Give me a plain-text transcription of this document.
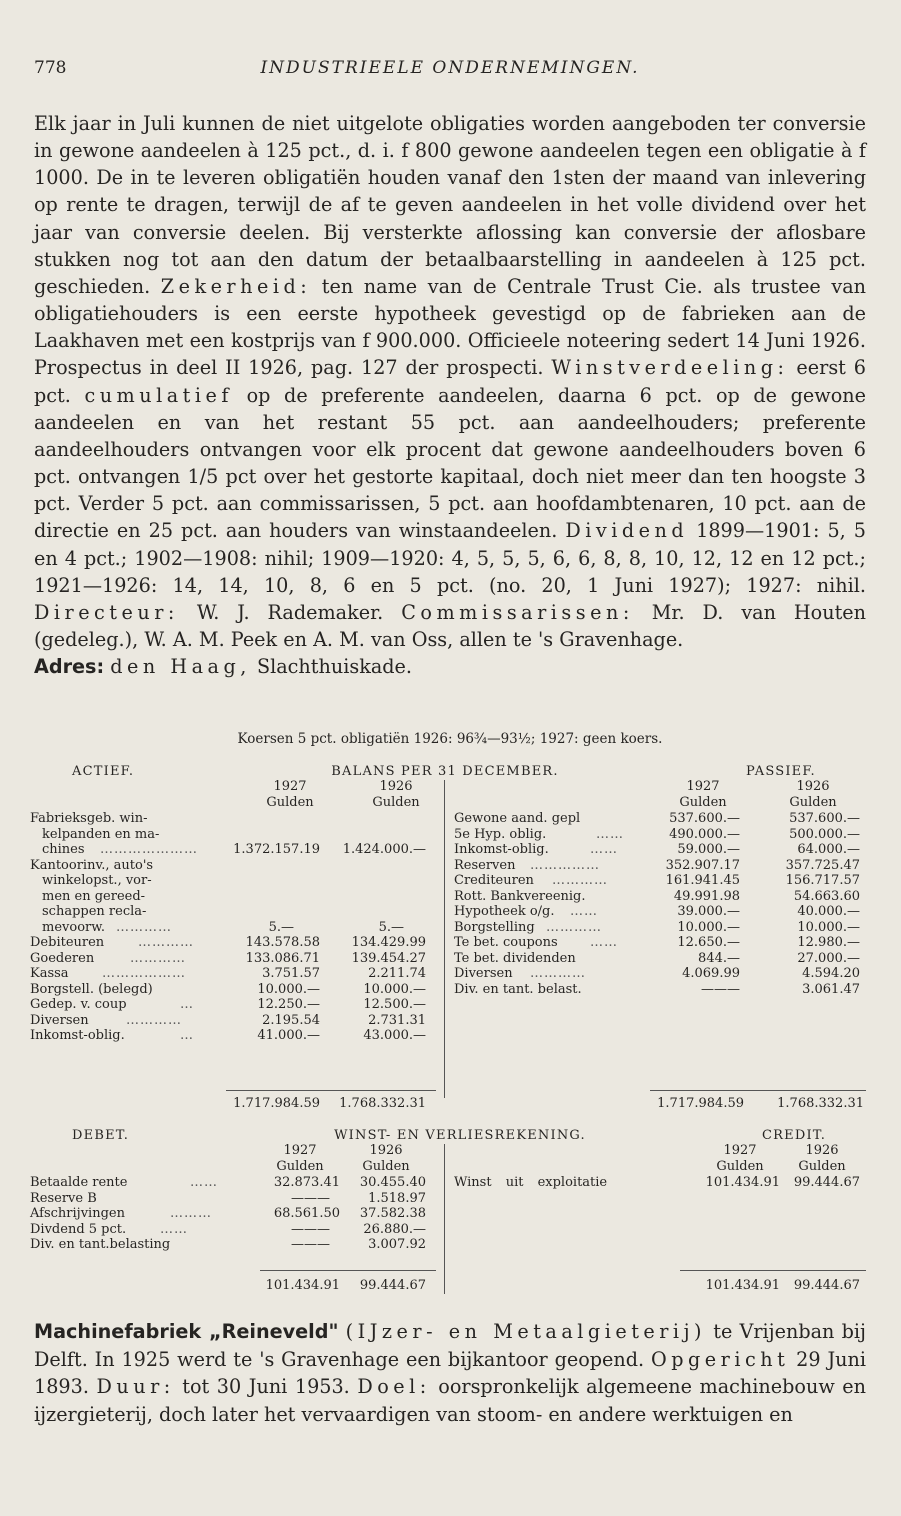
778	INDUSTRIEELE ONDERNEMINGEN.
Elk jaar in Juli kunnen de niet uitgelote obligaties worden aangeboden ter conversie in gewone aandeelen à 125 pct., d. i. f 800 gewone aandeelen tegen een obligatie à f 1000. De in te leveren obligatiën houden vanaf den 1sten der maand van inlevering op rente te dragen, terwijl de af te geven aandeelen in het volle dividend over het jaar van conversie deelen. Bij versterkte aflossing kan conversie der aflosbare stukken nog tot aan den datum der betaalbaarstelling in aandeelen à 125 pct. geschieden. Zekerheid: ten name van de Centrale Trust Cie. als trustee van obligatiehouders is een eerste hypotheek gevestigd op de fabrieken aan de Laakhaven met een kostprijs van f 900.000. Officieele noteering sedert 14 Juni 1926. Prospectus in deel II 1926, pag. 127 der prospecti. Winstverdeeling: eerst 6 pct. cumulatief op de preferente aandeelen, daarna 6 pct. op de gewone aandeelen en van het restant 55 pct. aan aandeelhouders; preferente aandeelhouders ontvangen voor elk procent dat gewone aandeelhouders boven 6 pct. ontvangen 1/5 pct over het gestorte kapitaal, doch niet meer dan ten hoogste 3 pct. Verder 5 pct. aan commissarissen, 5 pct. aan hoofdambtenaren, 10 pct. aan de directie en 25 pct. aan houders van winstaandeelen. Dividend 1899—1901: 5, 5 en 4 pct.; 1902—1908: nihil; 1909—1920: 4, 5, 5, 5, 6, 6, 8, 8, 10, 12, 12 en 12 pct.; 1921—1926: 14, 14, 10, 8, 6 en 5 pct. (no. 20, 1 Juni 1927); 1927: nihil. Directeur: W. J. Rademaker. Commissarissen: Mr. D. van Houten (gedeleg.), W. A. M. Peek en A. M. van Oss, allen te 's Gravenhage.
Adres: den Haag, Slachthuiskade.
Koersen 5 pct. obligatiën 1926: 96¾—93½; 1927: geen koers.
ACTIEF.	BALANS PER 31 DECEMBER.	PASSIEF.
1927	1926	1927	1926
Gulden	Gulden	Gulden	Gulden
Fabrieksgeb. win-
kelpanden en ma-
chines …………………	1.372.157.19	1.424.000.—
Kantoorinv., auto's
winkelopst., vor-
men en gereed-
schappen recla-
mevoorw. …………	5.—	5.—
Debiteuren	…………	143.578.58	134.429.99
Goederen	…………	133.086.71	139.454.27
Kassa	………………	3.751.57	2.211.74
Borgstell. (belegd)	10.000.—	10.000.—
Gedep. v. coup	…	12.250.—	12.500.—
Diversen	…………	2.195.54	2.731.31
Inkomst-oblig.	…	41.000.—	43.000.—
1.717.984.59	1.768.332.31
Gewone aand. gepl	537.600.—	537.600.—
5e Hyp. oblig.	……	490.000.—	500.000.—
Inkomst-oblig.	……	59.000.—	64.000.—
Reserven ……………	352.907.17	357.725.47
Crediteuren …………	161.941.45	156.717.57
Rott. Bankvereenig.	49.991.98	54.663.60
Hypotheek o/g. ……	39.000.—	40.000.—
Borgstelling …………	10.000.—	10.000.—
Te bet. coupons ……	12.650.—	12.980.—
Te bet. dividenden	844.—	27.000.—
Diversen …………	4.069.99	4.594.20
Div. en tant. belast.	———	3.061.47
1.717.984.59	1.768.332.31
DEBET.	WINST- EN VERLIESREKENING.	CREDIT.
1927	1926	1927	1926
Gulden	Gulden	Gulden	Gulden
Betaalde rente	……	32.873.41	30.455.40
Reserve B	———	1.518.97
Afschrijvingen	………	68.561.50	37.582.38
Divdend 5 pct.	……	———	26.880.—
Div. en tant.belasting	———	3.007.92
101.434.91	99.444.67
Winst uit exploitatie	101.434.91	99.444.67
101.434.91	99.444.67
Machinefabriek „Reineveld" (IJzer- en Metaalgieterij) te Vrijenban bij Delft. In 1925 werd te 's Gravenhage een bijkantoor geopend. Opgericht 29 Juni 1893. Duur: tot 30 Juni 1953. Doel: oorspronkelijk algemeene machinebouw en ijzergieterij, doch later het vervaardigen van stoom- en andere werktuigen en
